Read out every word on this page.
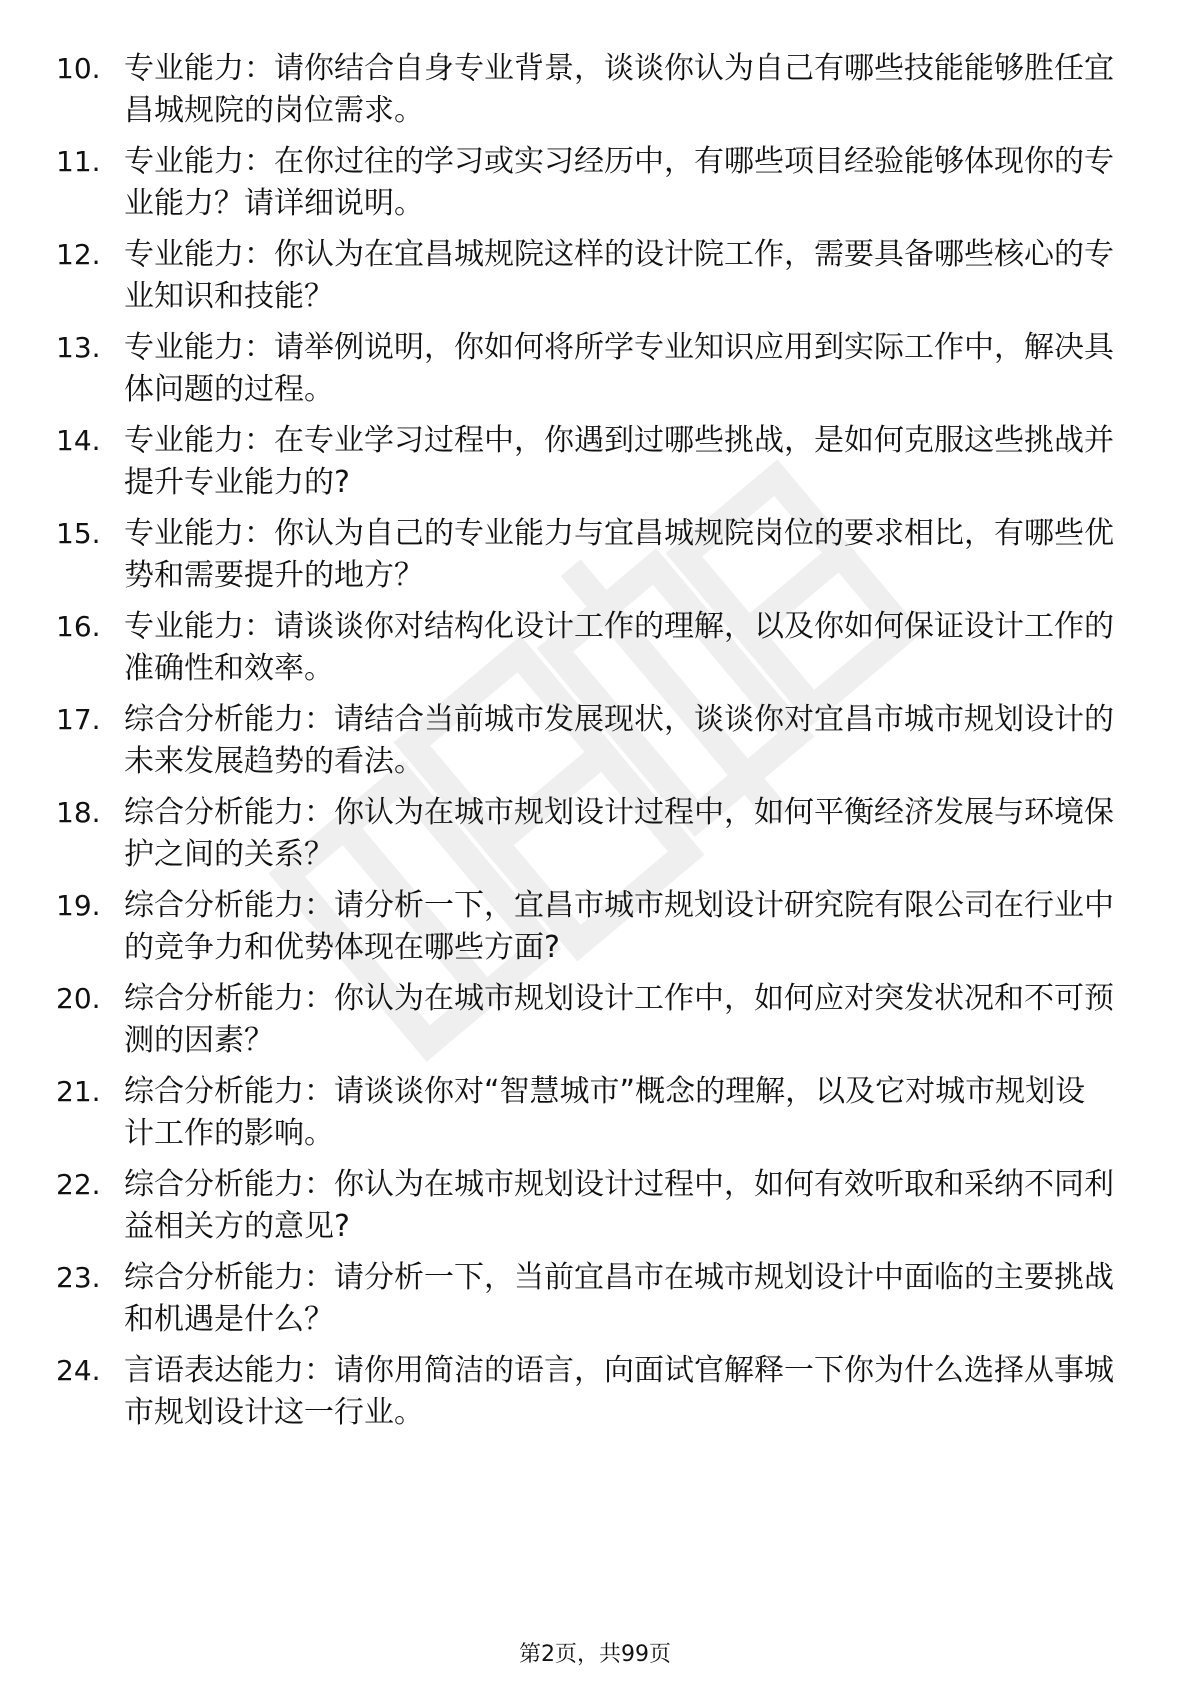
10. 专业能力：请你结合自身专业背景，谈谈你认为自己有哪些技能能够胜任宜昌城规院的岗位需求。
11. 专业能力：在你过往的学习或实习经历中，有哪些项目经验能够体现你的专业能力？请详细说明。
12. 专业能力：你认为在宜昌城规院这样的设计院工作，需要具备哪些核心的专业知识和技能？
13. 专业能力：请举例说明，你如何将所学专业知识应用到实际工作中，解决具体问题的过程。
14. 专业能力：在专业学习过程中，你遇到过哪些挑战，是如何克服这些挑战并提升专业能力的?
15. 专业能力：你认为自己的专业能力与宜昌城规院岗位的要求相比，有哪些优势和需要提升的地方？
16. 专业能力：请谈谈你对结构化设计工作的理解，以及你如何保证设计工作的准确性和效率。
17. 综合分析能力：请结合当前城市发展现状，谈谈你对宜昌市城市规划设计的未来发展趋势的看法。
18. 综合分析能力：你认为在城市规划设计过程中，如何平衡经济发展与环境保护之间的关系？
19. 综合分析能力：请分析一下，宜昌市城市规划设计研究院有限公司在行业中的竞争力和优势体现在哪些方面?
20. 综合分析能力：你认为在城市规划设计工作中，如何应对突发状况和不可预测的因素？
21. 综合分析能力：请谈谈你对“智慧城市”概念的理解，以及它对城市规划设计工作的影响。
22. 综合分析能力：你认为在城市规划设计过程中，如何有效听取和采纳不同利益相关方的意见?
23. 综合分析能力：请分析一下，当前宜昌市在城市规划设计中面临的主要挑战和机遇是什么？
24. 言语表达能力：请你用简洁的语言，向面试官解释一下你为什么选择从事城市规划设计这一行业。
第2页，共99页
